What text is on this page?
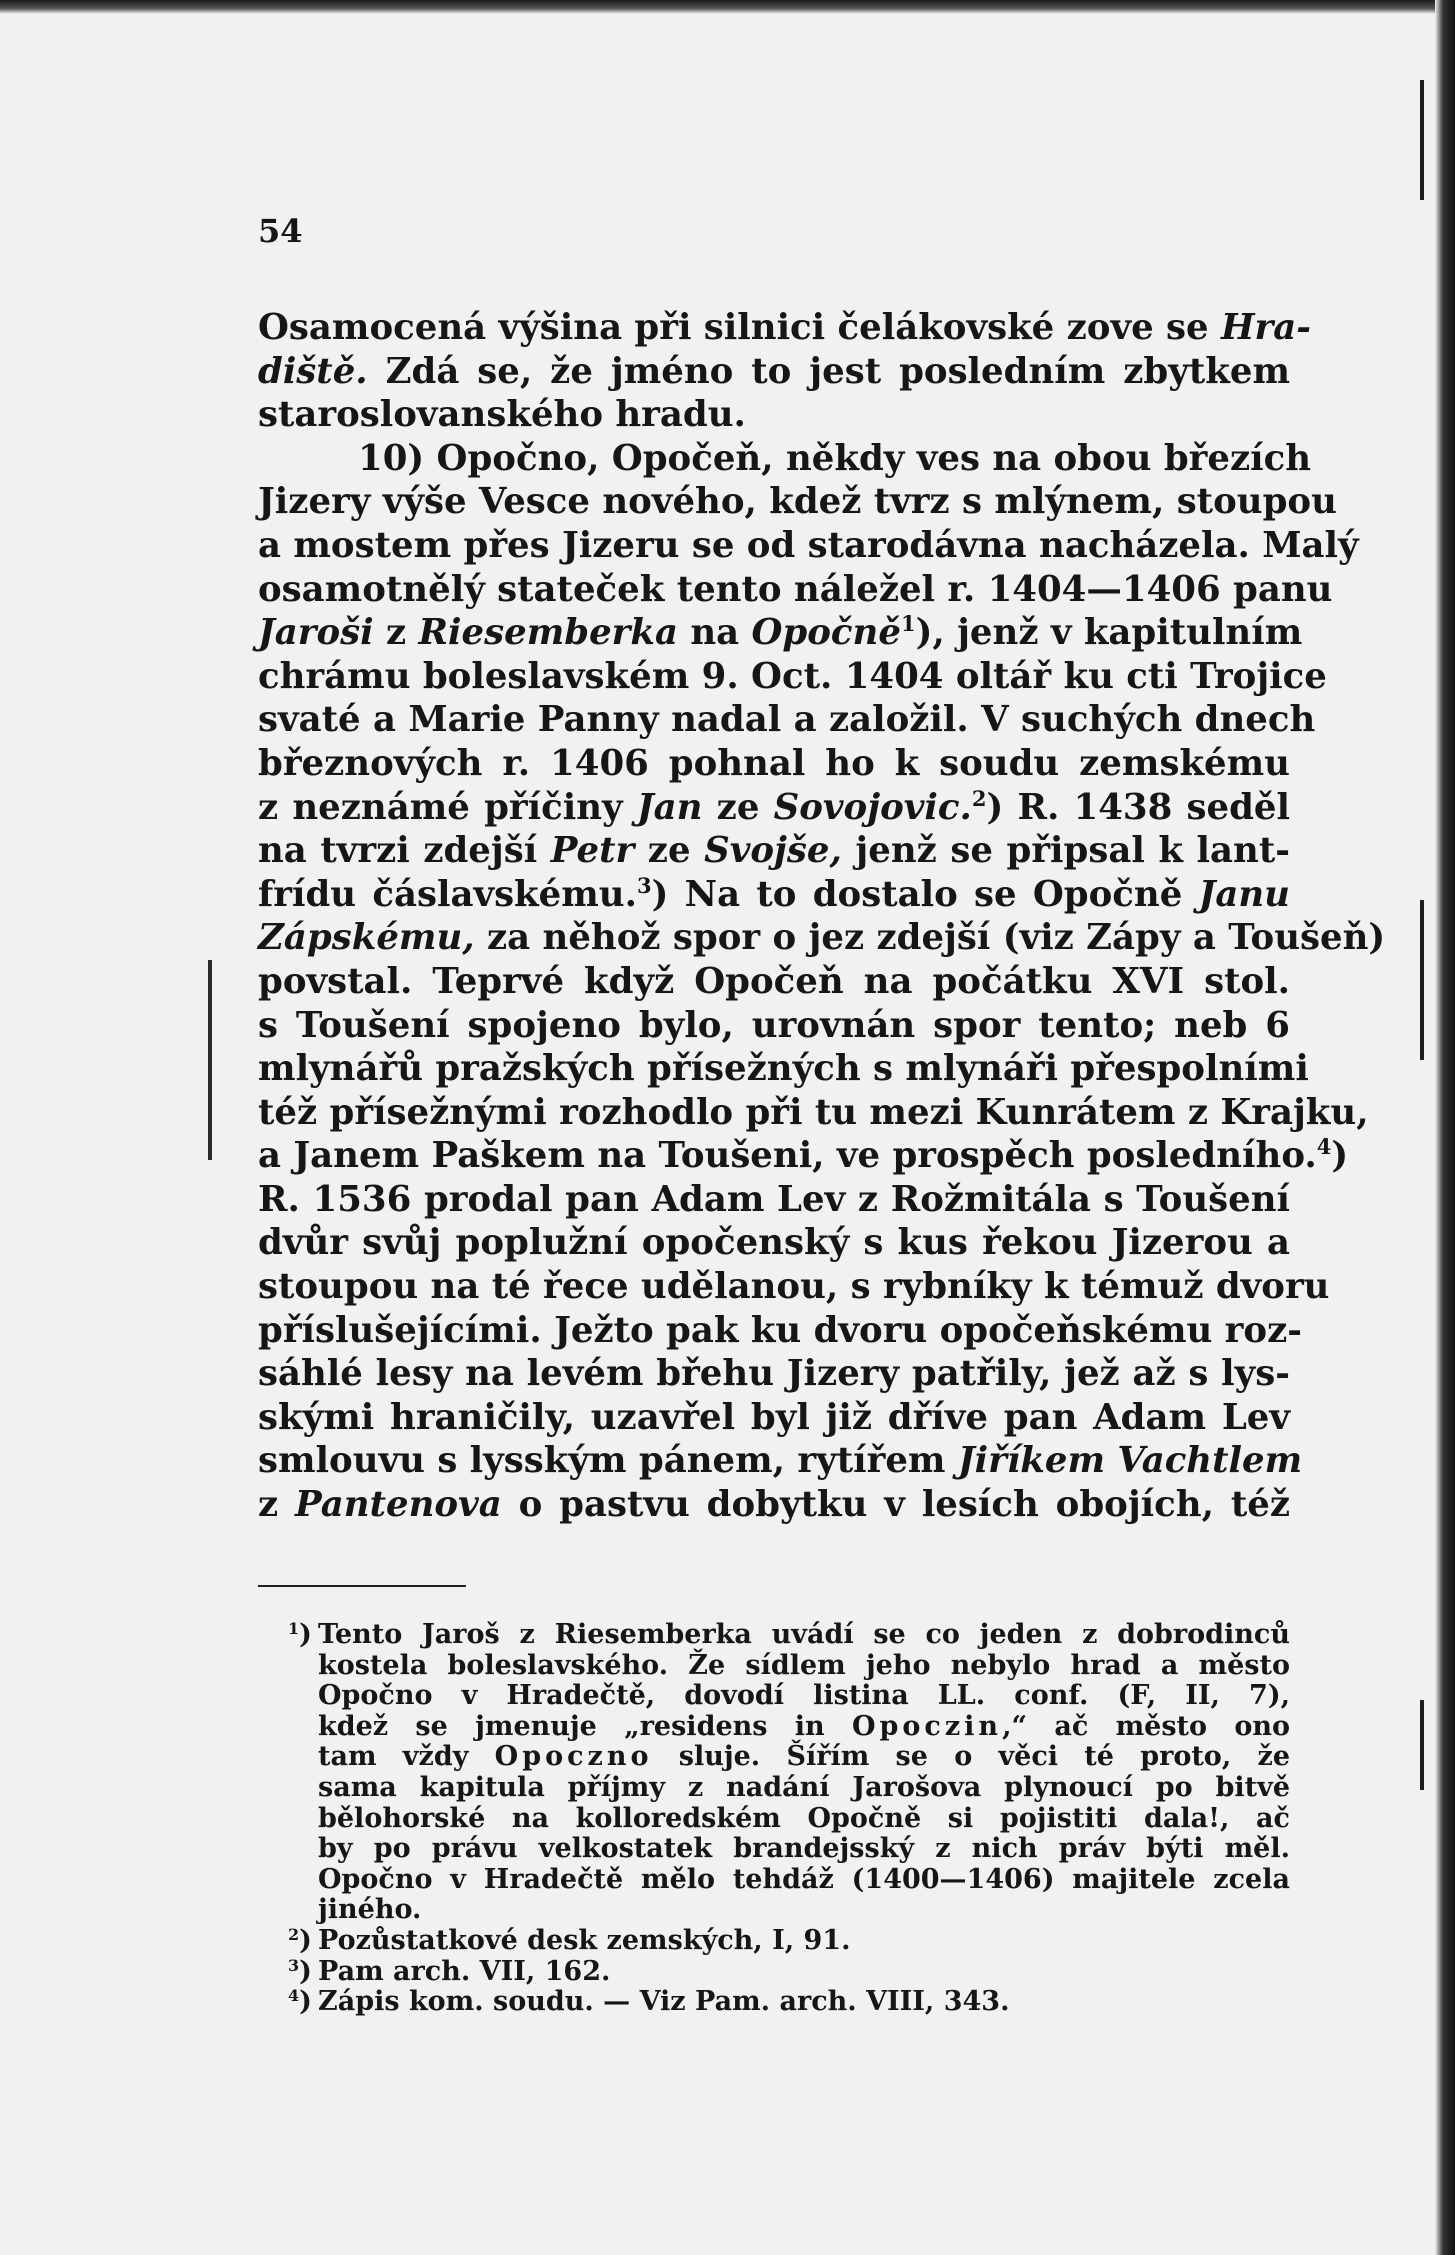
54
Osamocená výšina při silnici čelákovské zove se Hra-
diště. Zdá se, že jméno to jest posledním zbytkem
staroslovanského hradu.
10) Opočno, Opočeň, někdy ves na obou březích
Jizery výše Vesce nového, kdež tvrz s mlýnem, stoupou
a mostem přes Jizeru se od starodávna nacházela. Malý
osamotnělý stateček tento náležel r. 1404—1406 panu
Jaroši z Riesemberka na Opočně$^1$), jenž v kapitulním
chrámu boleslavském 9. Oct. 1404 oltář ku cti Trojice
svaté a Marie Panny nadal a založil. V suchých dnech
březnových r. 1406 pohnal ho k soudu zemskému
z neznámé příčiny Jan ze Sovojovic.$^2$) R. 1438 seděl
na tvrzi zdejší Petr ze Svojše, jenž se připsal k lant-
frídu čáslavskému.$^3$) Na to dostalo se Opočně Janu
Zápskému, za něhož spor o jez zdejší (viz Zápy a Toušeň)
povstal. Teprvé když Opočeň na počátku XVI stol.
s Toušení spojeno bylo, urovnán spor tento; neb 6
mlynářů pražských přísežných s mlynáři přespolními
též přísežnými rozhodlo při tu mezi Kunrátem z Krajku,
a Janem Paškem na Toušeni, ve prospěch posledního.$^4$)
R. 1536 prodal pan Adam Lev z Rožmitála s Toušení
dvůr svůj poplužní opočenský s kus řekou Jizerou a
stoupou na té řece udělanou, s rybníky k témuž dvoru
příslušejícími. Ježto pak ku dvoru opočeňskému roz-
sáhlé lesy na levém břehu Jizery patřily, jež až s lys-
skými hraničily, uzavřel byl již dříve pan Adam Lev
smlouvu s lysským pánem, rytířem Jiříkem Vachtlem
z Pantenova o pastvu dobytku v lesích obojích, též
$^1$) Tento Jaroš z Riesemberka uvádí se co jeden z dobrodinců
kostela boleslavského. Že sídlem jeho nebylo hrad a město
Opočno v Hradečtě, dovodí listina LL. conf. (F, II, 7),
kdež se jmenuje „residens in Opoczin,“ ač město ono
tam vždy Opoczno sluje. Šířím se o věci té proto, že
sama kapitula příjmy z nadání Jarošova plynoucí po bitvě
bělohorské na kolloredském Opočně si pojistiti dala!, ač
by po právu velkostatek brandejsský z nich práv býti měl.
Opočno v Hradečtě mělo tehdáž (1400—1406) majitele zcela
jiného.
$^2$) Pozůstatkové desk zemských, I, 91.
$^3$) Pam arch. VII, 162.
$^4$) Zápis kom. soudu. — Viz Pam. arch. VIII, 343.
